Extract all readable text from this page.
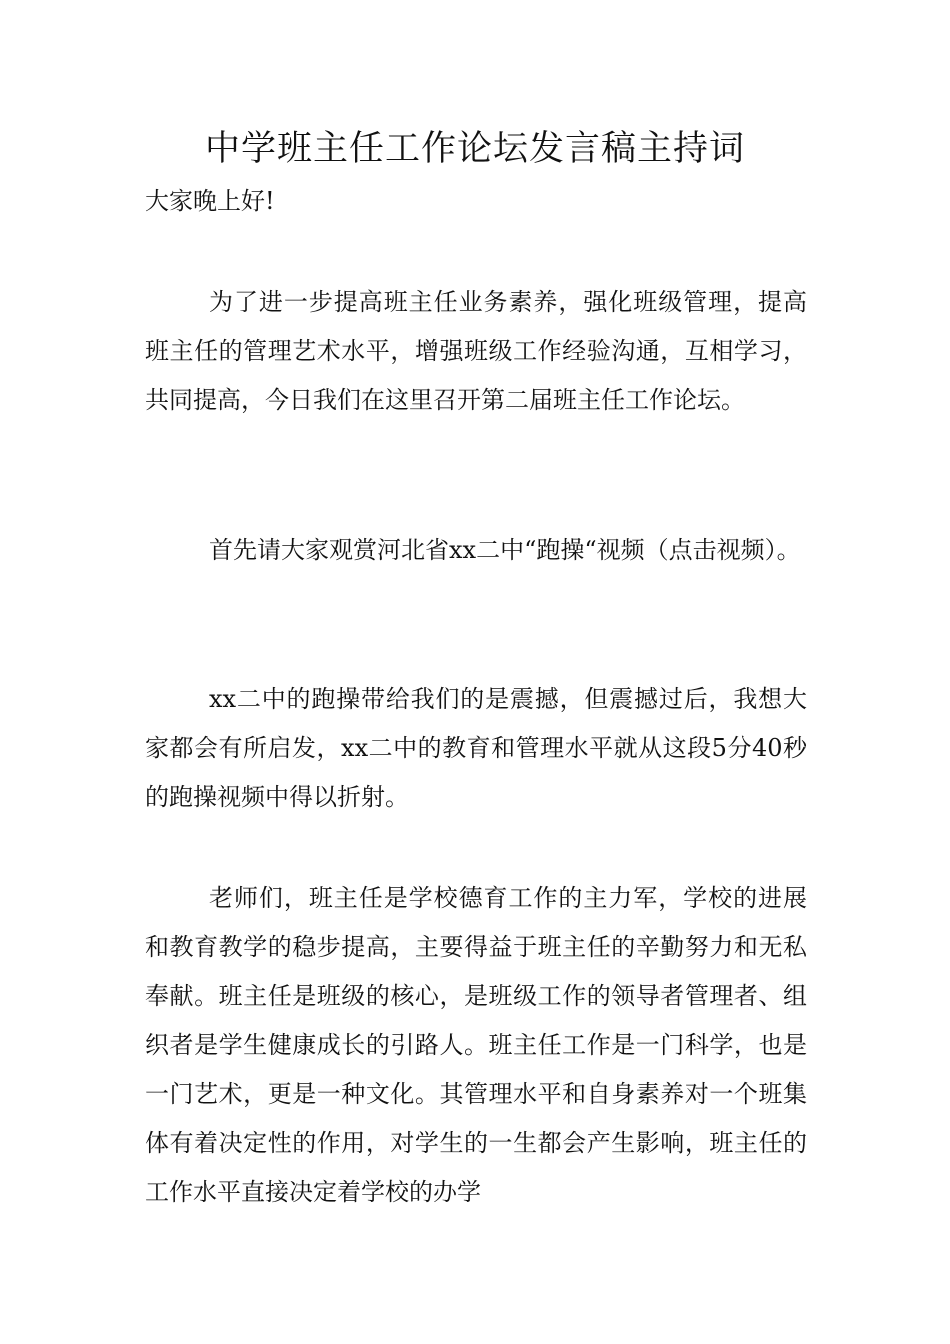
中学班主任工作论坛发言稿主持词

大家晚上好!

为了进一步提高班主任业务素养，强化班级管理，提高班主任的管理艺术水平，增强班级工作经验沟通，互相学习，共同提高，今日我们在这里召开第二届班主任工作论坛。

首先请大家观赏河北省xx二中“跑操“视频（点击视频）。

xx二中的跑操带给我们的是震撼，但震撼过后，我想大家都会有所启发，xx二中的教育和管理水平就从这段5分40秒的跑操视频中得以折射。

老师们，班主任是学校德育工作的主力军，学校的进展和教育教学的稳步提高，主要得益于班主任的辛勤努力和无私奉献。班主任是班级的核心，是班级工作的领导者管理者、组织者是学生健康成长的引路人。班主任工作是一门科学，也是一门艺术，更是一种文化。其管理水平和自身素养对一个班集体有着决定性的作用，对学生的一生都会产生影响，班主任的工作水平直接决定着学校的办学
